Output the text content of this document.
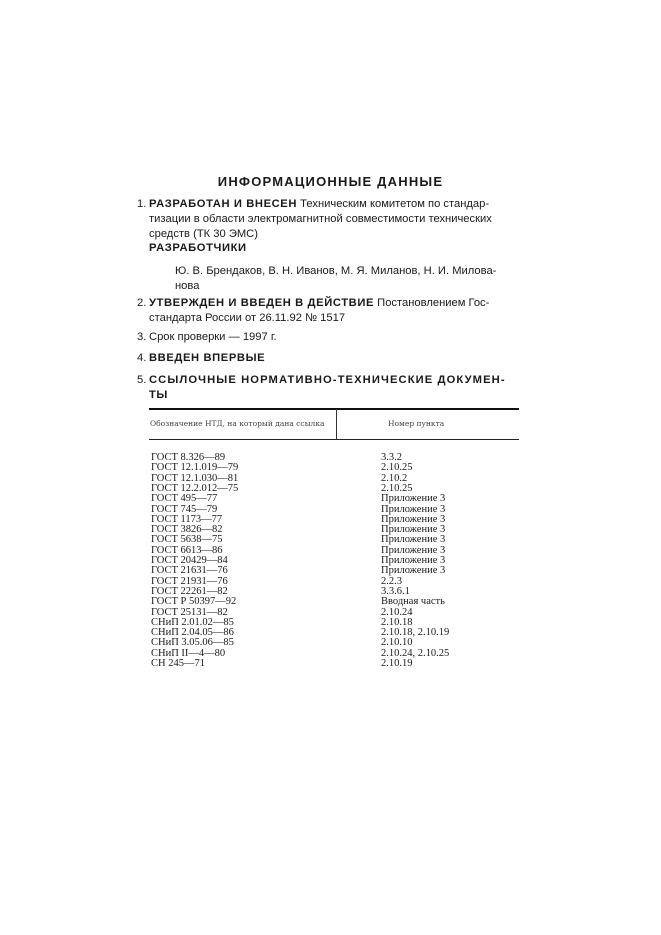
ИНФОРМАЦИОННЫЕ ДАННЫЕ
1. РАЗРАБОТАН И ВНЕСЕН Техническим комитетом по стандар-
тизации в области электромагнитной совместимости технических
средств (ТК 30 ЭМС)
РАЗРАБОТЧИКИ
Ю. В. Брендаков, В. Н. Иванов, М. Я. Миланов, Н. И. Милова-
нова
2. УТВЕРЖДЕН И ВВЕДЕН В ДЕЙСТВИЕ Постановлением Гос-
стандарта России от 26.11.92 № 1517
3. Срок проверки — 1997 г.
4. ВВЕДЕН ВПЕРВЫЕ
5. ССЫЛОЧНЫЕ НОРМАТИВНО-ТЕХНИЧЕСКИЕ ДОКУМЕН-
ТЫ
Обозначение НТД, на который дана ссылка	Номер пункта
ГОСТ 8.326—89	3.3.2
ГОСТ 12.1.019—79	2.10.25
ГОСТ 12.1.030—81	2.10.2
ГОСТ 12.2.012—75	2.10.25
ГОСТ 495—77	Приложение 3
ГОСТ 745—79	Приложение 3
ГОСТ 1173—77	Приложение 3
ГОСТ 3826—82	Приложение 3
ГОСТ 5638—75	Приложение 3
ГОСТ 6613—86	Приложение 3
ГОСТ 20429—84	Приложение 3
ГОСТ 21631—76	Приложение 3
ГОСТ 21931—76	2.2.3
ГОСТ 22261—82	3.3.6.1
ГОСТ Р 50397—92	Вводная часть
ГОСТ 25131—82	2.10.24
СНиП 2.01.02—85	2.10.18
СНиП 2.04.05—86	2.10.18, 2.10.19
СНиП 3.05.06—85	2.10.10
СНиП II—4—80	2.10.24, 2.10.25
СН 245—71	2.10.19
